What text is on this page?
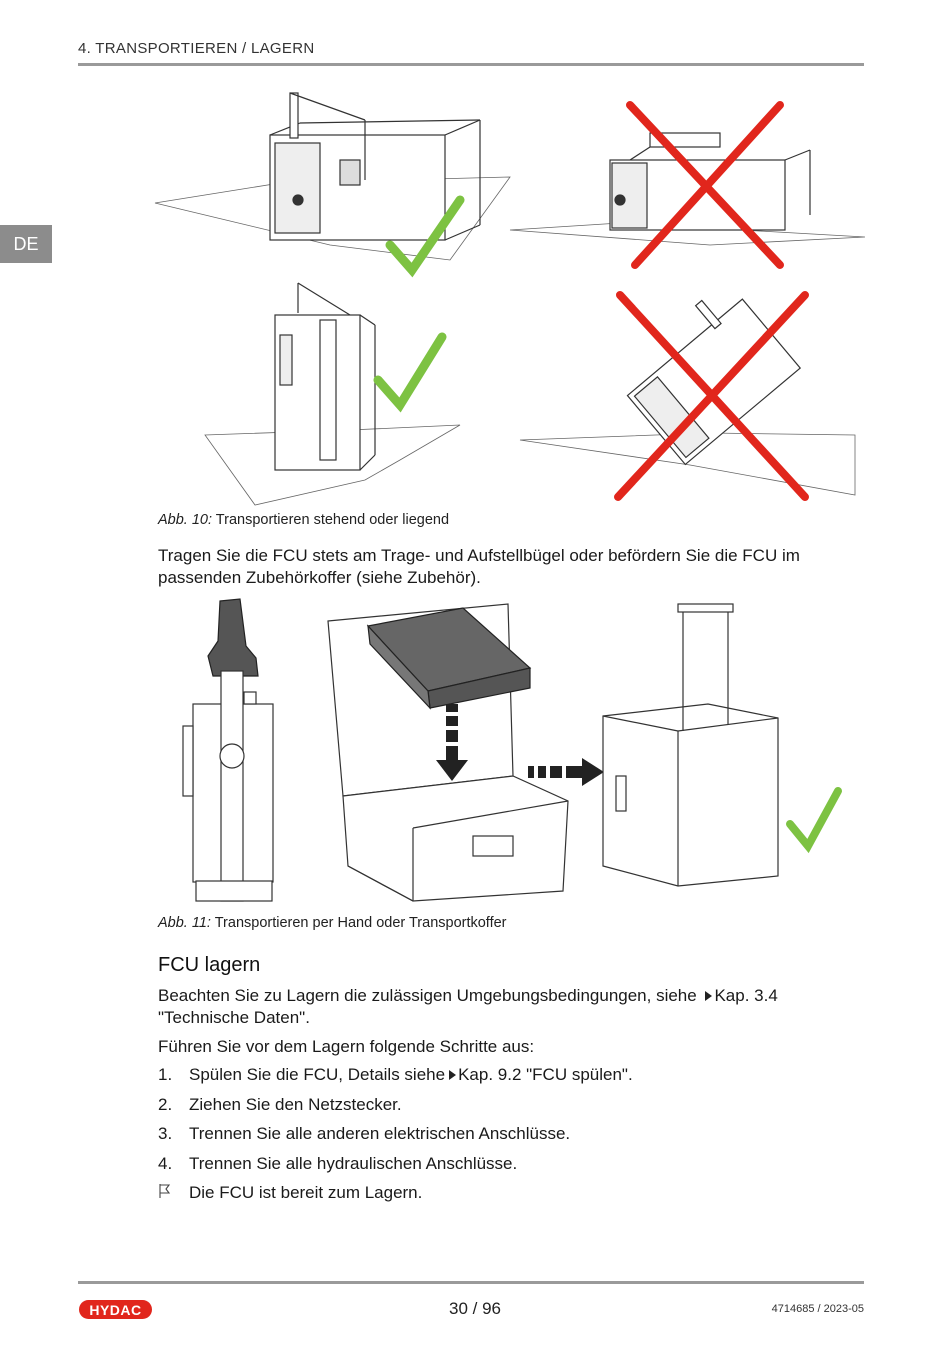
4. TRANSPORTIEREN / LAGERN
DE
Abb. 10: Transportieren stehend oder liegend
Tragen Sie die FCU stets am Trage- und Aufstellbügel oder befördern Sie die FCU im passenden Zubehörkoffer (siehe Zubehör).
Abb. 11: Transportieren per Hand oder Transportkoffer
FCU lagern
Beachten Sie zu Lagern die zulässigen Umgebungsbedingungen, siehe Kap. 3.4
"Technische Daten".
Führen Sie vor dem Lagern folgende Schritte aus:
1. Spülen Sie die FCU, Details siehe Kap. 9.2 "FCU spülen".
2. Ziehen Sie den Netzstecker.
3. Trennen Sie alle anderen elektrischen Anschlüsse.
4. Trennen Sie alle hydraulischen Anschlüsse.
Die FCU ist bereit zum Lagern.
HYDAC	30 / 96	4714685 / 2023-05
